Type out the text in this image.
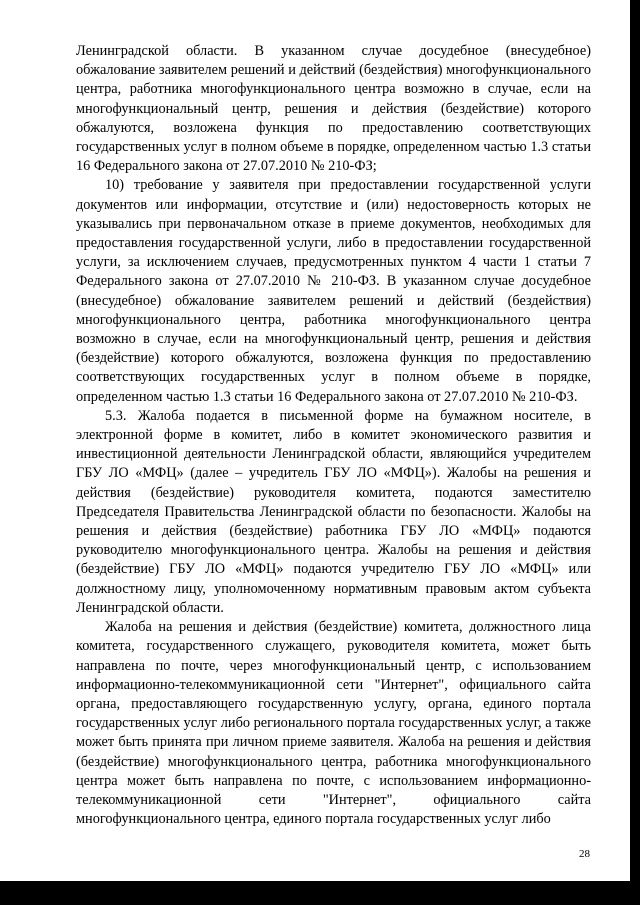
Ленинградской области. В указанном случае досудебное (внесудебное) обжалование заявителем решений и действий (бездействия) многофункционального центра, работника многофункционального центра возможно в случае, если на многофункциональный центр, решения и действия (бездействие) которого обжалуются, возложена функция по предоставлению соответствующих государственных услуг в полном объеме в порядке, определенном частью 1.3 статьи 16 Федерального закона от 27.07.2010 № 210-ФЗ;

10) требование у заявителя при предоставлении государственной услуги документов или информации, отсутствие и (или) недостоверность которых не указывались при первоначальном отказе в приеме документов, необходимых для предоставления государственной услуги, либо в предоставлении государственной услуги, за исключением случаев, предусмотренных пунктом 4 части 1 статьи 7 Федерального закона от 27.07.2010 № 210-ФЗ. В указанном случае досудебное (внесудебное) обжалование заявителем решений и действий (бездействия) многофункционального центра, работника многофункционального центра возможно в случае, если на многофункциональный центр, решения и действия (бездействие) которого обжалуются, возложена функция по предоставлению соответствующих государственных услуг в полном объеме в порядке, определенном частью 1.3 статьи 16 Федерального закона от 27.07.2010 № 210-ФЗ.

5.3. Жалоба подается в письменной форме на бумажном носителе, в электронной форме в комитет, либо в комитет экономического развития и инвестиционной деятельности Ленинградской области, являющийся учредителем ГБУ ЛО «МФЦ» (далее – учредитель ГБУ ЛО «МФЦ»). Жалобы на решения и действия (бездействие) руководителя комитета, подаются заместителю Председателя Правительства Ленинградской области по безопасности. Жалобы на решения и действия (бездействие) работника ГБУ ЛО «МФЦ» подаются руководителю многофункционального центра. Жалобы на решения и действия (бездействие) ГБУ ЛО «МФЦ» подаются учредителю ГБУ ЛО «МФЦ» или должностному лицу, уполномоченному нормативным правовым актом субъекта Ленинградской области.

Жалоба на решения и действия (бездействие) комитета, должностного лица комитета, государственного служащего, руководителя комитета, может быть направлена по почте, через многофункциональный центр, с использованием информационно-телекоммуникационной сети "Интернет", официального сайта органа, предоставляющего государственную услугу, органа, единого портала государственных услуг либо регионального портала государственных услуг, а также может быть принята при личном приеме заявителя. Жалоба на решения и действия (бездействие) многофункционального центра, работника многофункционального центра может быть направлена по почте, с использованием информационно-телекоммуникационной сети "Интернет", официального сайта многофункционального центра, единого портала государственных услуг либо

28
